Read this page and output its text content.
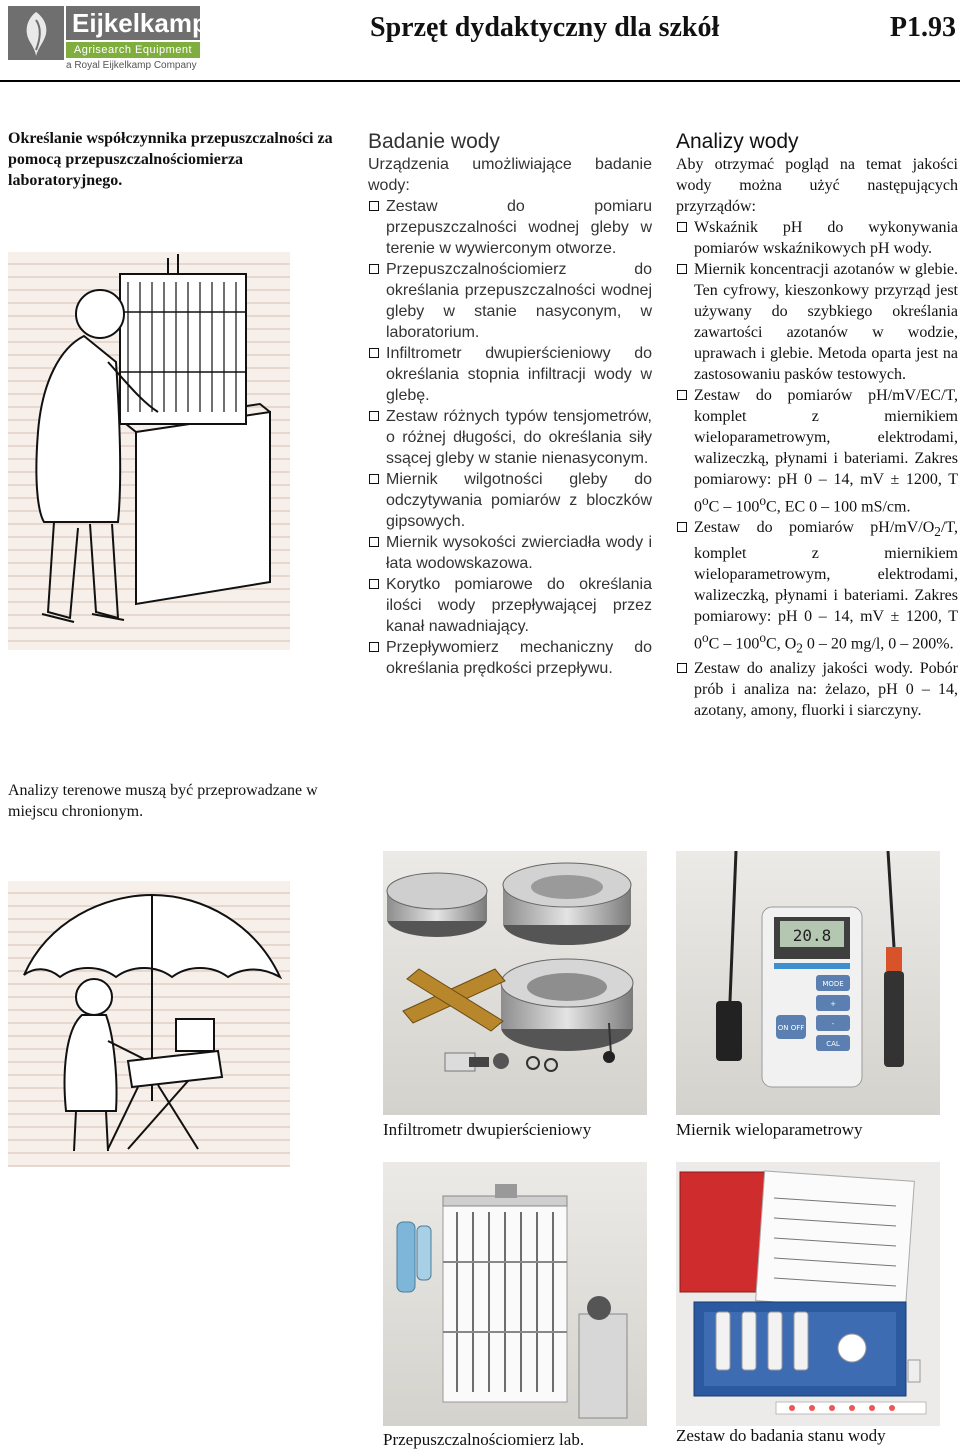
Eijkelkamp
Agrisearch Equipment
a Royal Eijkelkamp Company
Sprzęt dydaktyczny dla szkół	P1.93
Określanie współczynnika przepuszczalności za pomocą przepuszczalnościomierza laboratoryjnego.
Analizy terenowe muszą być przeprowadzane w miejscu chronionym.
Badanie wody

Urządzenia umożliwiające badanie wody:

Zestaw do pomiaru przepuszczalności wodnej gleby w terenie w wywierconym otworze.
Przepuszczalnościomierz do określania przepuszczalności wodnej gleby w stanie nasyconym, w laboratorium.
Infiltrometr dwupierścieniowy do określania stopnia infiltracji wody w glebę.
Zestaw różnych typów tensjometrów, o różnej długości, do określania siły ssącej gleby w stanie nienasyconym.
Miernik wilgotności gleby do odczytywania pomiarów z bloczków gipsowych.
Miernik wysokości zwierciadła wody i łata wodowskazowa.
Korytko pomiarowe do określania ilości wody przepływającej przez kanał nawadniający.
Przepływomierz mechaniczny do określania prędkości przepływu.
Analizy wody

Aby otrzymać pogląd na temat jakości wody można użyć następujących przyrządów:

Wskaźnik pH do wykonywania pomiarów wskaźnikowych pH wody.
Miernik koncentracji azotanów w glebie. Ten cyfrowy, kieszonkowy przyrząd jest używany do szybkiego określania zawartości azotanów w wodzie, uprawach i glebie. Metoda oparta jest na zastosowaniu pasków testowych.
Zestaw do pomiarów pH/mV/EC/T, komplet z miernikiem wieloparametrowym, elektrodami, walizeczką, płynami i bateriami. Zakres pomiarowy: pH 0 – 14, mV ± 1200, T 0$^o$C – 100$^o$C, EC 0 – 100 mS/cm.
Zestaw do pomiarów $pH/mV/O_2/T$, komplet z miernikiem wieloparametrowym, elektrodami, walizeczką, płynami i bateriami. Zakres pomiarowy: pH 0 – 14, mV ± 1200, T 0$^o$C – 100$^o$C, $O_2$ 0 – 20 mg/l, 0 – 200%.
Zestaw do analizy jakości wody. Pobór prób i analiza na: żelazo, pH 0 – 14, azotany, amony, fluorki i siarczyny.
Infiltrometr dwupierścieniowy
20.8
MODE
+
-
CAL
ON OFF
Miernik wieloparametrowy
Przepuszczalnościomierz lab.	Zestaw do badania stanu wody
